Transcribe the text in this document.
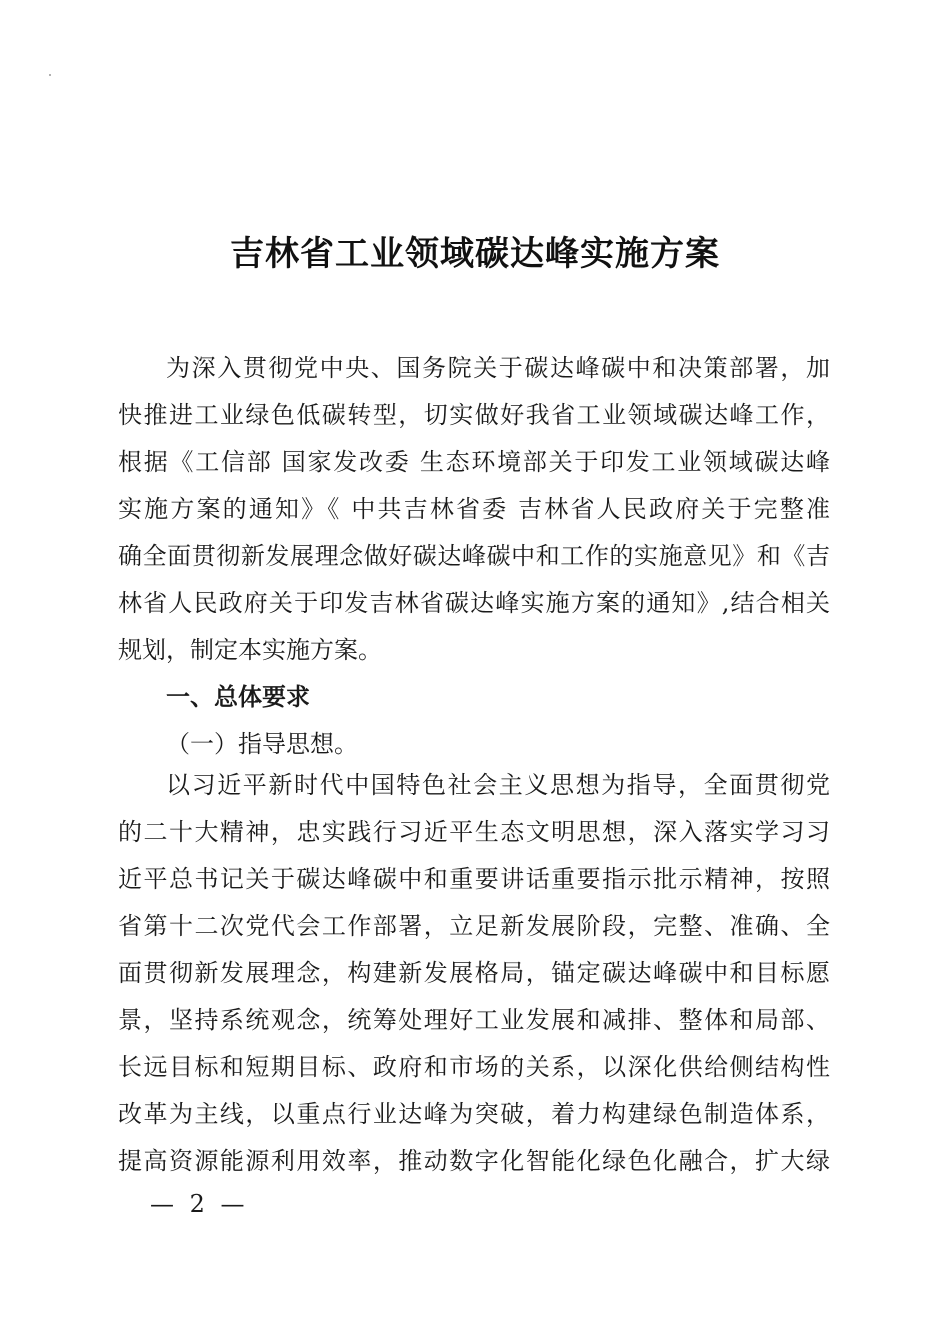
吉林省工业领域碳达峰实施方案

为深入贯彻党中央、国务院关于碳达峰碳中和决策部署，加

快推进工业绿色低碳转型，切实做好我省工业领域碳达峰工作，

根据《工信部 国家发改委 生态环境部关于印发工业领域碳达峰

实施方案的通知》《 中共吉林省委 吉林省人民政府关于完整准

确全面贯彻新发展理念做好碳达峰碳中和工作的实施意见》和《吉

林省人民政府关于印发吉林省碳达峰实施方案的通知》,结合相关

规划，制定本实施方案。

一、总体要求

（一）指导思想。

以习近平新时代中国特色社会主义思想为指导，全面贯彻党

的二十大精神，忠实践行习近平生态文明思想，深入落实学习习

近平总书记关于碳达峰碳中和重要讲话重要指示批示精神，按照

省第十二次党代会工作部署，立足新发展阶段，完整、准确、全

面贯彻新发展理念，构建新发展格局，锚定碳达峰碳中和目标愿

景，坚持系统观念，统筹处理好工业发展和减排、整体和局部、

长远目标和短期目标、政府和市场的关系，以深化供给侧结构性

改革为主线，以重点行业达峰为突破，着力构建绿色制造体系，

提高资源能源利用效率，推动数字化智能化绿色化融合，扩大绿

— 2 —
